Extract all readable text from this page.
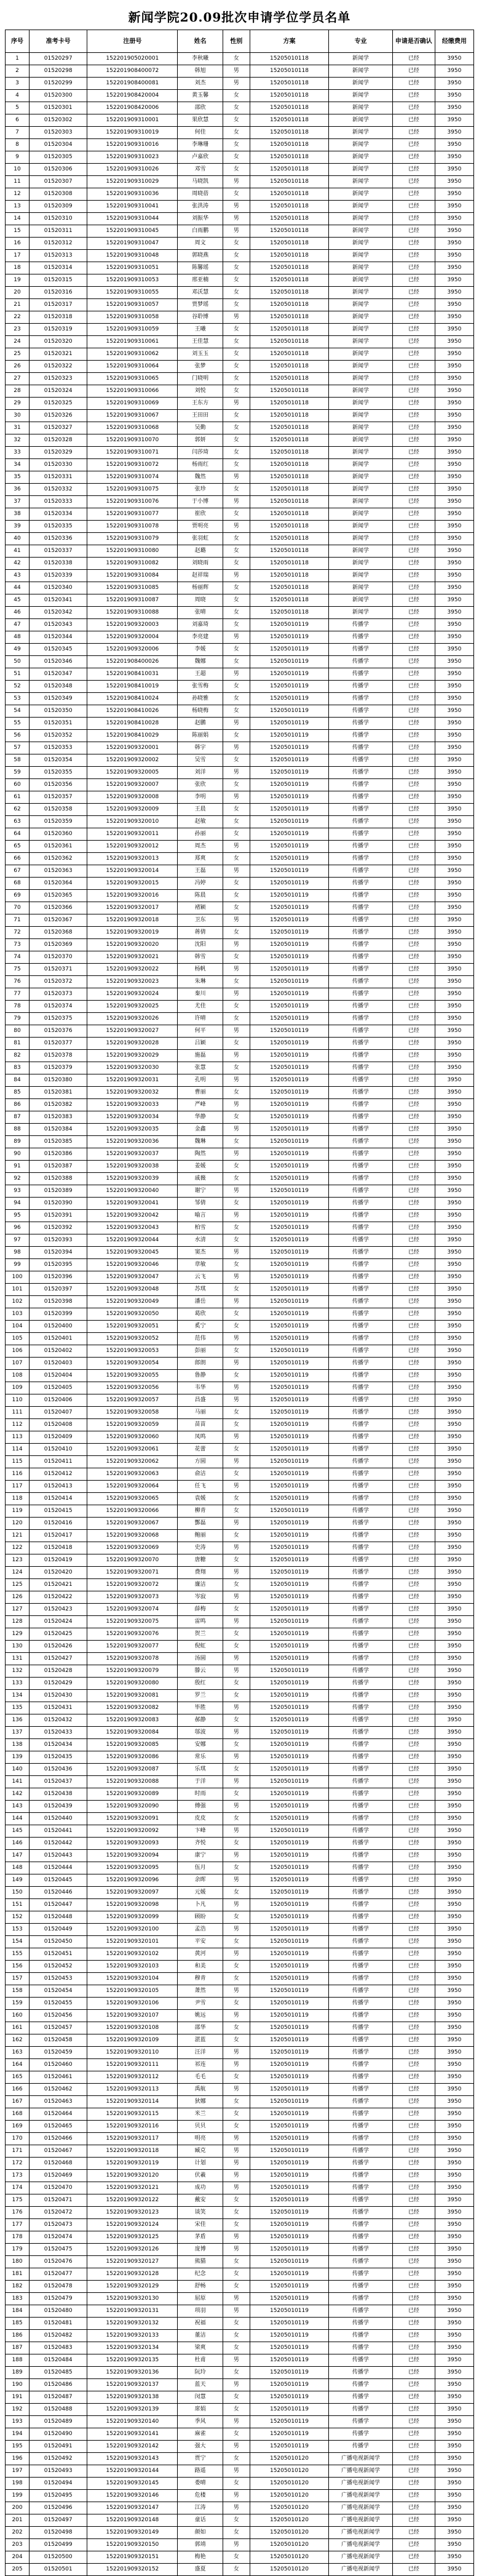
新闻学院20.09批次申请学位学员名单
序号	准考卡号	注册号	姓名	性别	方案	专业	申请是否确认	经缴费用
1	01520297	152201905020001	李秋曦	女	15205010118	新闻学	已经	3950
2	01520298	152201908400072	韩旭	男	15205010118	新闻学	已经	3950
3	01520299	152201908400081	刘杰	男	15205010118	新闻学	已经	3950
4	01520300	152201908420004	黄玉馨	女	15205010118	新闻学	已经	3950
5	01520301	152201908420006	邵欣	女	15205010118	新闻学	已经	3950
6	01520302	152201909310001	果欣慧	女	15205010118	新闻学	已经	3950
7	01520303	152201909310019	何佳	女	15205010118	新闻学	已经	3950
8	01520304	152201909310016	李琳珊	女	15205010118	新闻学	已经	3950
9	01520305	152201909310023	卢嘉欣	女	15205010118	新闻学	已经	3950
10	01520306	152201909310026	邓雪	女	15205010118	新闻学	已经	3950
11	01520307	152201909310029	马晓凯	男	15205010118	新闻学	已经	3950
12	01520308	152201909310036	周晓蓓	女	15205010118	新闻学	已经	3950
13	01520309	152201909310041	张洪涛	男	15205010118	新闻学	已经	3950
14	01520310	152201909310044	刘振华	男	15205010118	新闻学	已经	3950
15	01520311	152201909310045	白雨鹏	男	15205010118	新闻学	已经	3950
16	01520312	152201909310047	周文	女	15205010118	新闻学	已经	3950
17	01520313	152201909310048	郭晓燕	女	15205010118	新闻学	已经	3950
18	01520314	152201909310051	陈馨瑶	女	15205010118	新闻学	已经	3950
19	01520315	152201909310053	邢亚楠	女	15205010118	新闻学	已经	3950
20	01520316	152201909310055	邓沃慧	女	15205010118	新闻学	已经	3950
21	01520317	152201909310057	贾梦瑶	女	15205010118	新闻学	已经	3950
22	01520318	152201909310058	谷聆博	男	15205010118	新闻学	已经	3950
23	01520319	152201909310059	王曦	女	15205010118	新闻学	已经	3950
24	01520320	152201909310061	王佳慧	女	15205010118	新闻学	已经	3950
25	01520321	152201909310062	刘玉玉	女	15205010118	新闻学	已经	3950
26	01520322	152201909310064	张梦	女	15205010118	新闻学	已经	3950
27	01520323	152201909310065	门晓明	女	15205010118	新闻学	已经	3950
28	01520324	152201909310066	刘悦	女	15205010118	新闻学	已经	3950
29	01520325	152201909310069	王东方	男	15205010118	新闻学	已经	3950
30	01520326	152201909310067	王田田	女	15205010118	新闻学	已经	3950
31	01520327	152201909310068	吴勤	女	15205010118	新闻学	已经	3950
32	01520328	152201909310070	郭妍	女	15205010118	新闻学	已经	3950
33	01520329	152201909310071	闫莎琦	女	15205010118	新闻学	已经	3950
34	01520330	152201909310072	杨雨红	女	15205010118	新闻学	已经	3950
35	01520331	152201909310074	魏然	男	15205010118	新闻学	已经	3950
36	01520332	152201909310075	张珍	女	15205010118	新闻学	已经	3950
37	01520333	152201909310076	于小博	男	15205010118	新闻学	已经	3950
38	01520334	152201909310077	崔欣	女	15205010118	新闻学	已经	3950
39	01520335	152201909310078	贾明亮	男	15205010118	新闻学	已经	3950
40	01520336	152201909310079	张羽虹	女	15205010118	新闻学	已经	3950
41	01520337	152201909310080	赵璐	女	15205010118	新闻学	已经	3950
42	01520338	152201909310082	刘晓雨	女	15205010118	新闻学	已经	3950
43	01520339	152201909310084	赵祥瑞	男	15205010118	新闻学	已经	3950
44	01520340	152201909310085	杨丽辉	女	15205010118	新闻学	已经	3950
45	01520341	152201909310087	周晓	女	15205010118	新闻学	已经	3950
46	01520342	152201909310088	张晴	女	15205010118	新闻学	已经	3950
47	01520343	152201909320003	刘嘉琦	女	15205010119	传播学	已经	3950
48	01520344	152201909320004	李亮建	男	15205010119	传播学	已经	3950
49	01520345	152201909320006	李媛	女	15205010119	传播学	已经	3950
50	01520346	152201908400026	魏娜	女	15205010119	传播学	已经	3950
51	01520347	152201908410031	王超	男	15205010119	传播学	已经	3950
52	01520348	152201908410019	张雪梅	女	15205010119	传播学	已经	3950
53	01520349	152201908410024	孙晓雅	女	15205010119	传播学	已经	3950
54	01520350	152201908410026	杨晓梅	女	15205010119	传播学	已经	3950
55	01520351	152201908410028	赵鹏	男	15205010119	传播学	已经	3950
56	01520352	152201908410029	陈丽娟	女	15205010119	传播学	已经	3950
57	01520353	152201909320001	韩宇	男	15205010119	传播学	已经	3950
58	01520354	152201909320002	吴雪	女	15205010119	传播学	已经	3950
59	01520355	152201909320005	刘洋	男	15205010119	传播学	已经	3950
60	01520356	152201909320007	张欣	女	15205010119	传播学	已经	3950
61	01520357	152201909320008	李明	男	15205010119	传播学	已经	3950
62	01520358	152201909320009	王晨	女	15205010119	传播学	已经	3950
63	01520359	152201909320010	赵敏	女	15205010119	传播学	已经	3950
64	01520360	152201909320011	孙丽	女	15205010119	传播学	已经	3950
65	01520361	152201909320012	周杰	男	15205010119	传播学	已经	3950
66	01520362	152201909320013	郑爽	女	15205010119	传播学	已经	3950
67	01520363	152201909320014	王磊	男	15205010119	传播学	已经	3950
68	01520364	152201909320015	冯婷	女	15205010119	传播学	已经	3950
69	01520365	152201909320016	陈晨	女	15205010119	传播学	已经	3950
70	01520366	152201909320017	褚颖	女	15205010119	传播学	已经	3950
71	01520367	152201909320018	卫东	男	15205010119	传播学	已经	3950
72	01520368	152201909320019	蒋倩	女	15205010119	传播学	已经	3950
73	01520369	152201909320020	沈阳	男	15205010119	传播学	已经	3950
74	01520370	152201909320021	韩雪	女	15205010119	传播学	已经	3950
75	01520371	152201909320022	杨帆	男	15205010119	传播学	已经	3950
76	01520372	152201909320023	朱琳	女	15205010119	传播学	已经	3950
77	01520373	152201909320024	秦川	男	15205010119	传播学	已经	3950
78	01520374	152201909320025	尤佳	女	15205010119	传播学	已经	3950
79	01520375	152201909320026	许晴	女	15205010119	传播学	已经	3950
80	01520376	152201909320027	何平	男	15205010119	传播学	已经	3950
81	01520377	152201909320028	吕颖	女	15205010119	传播学	已经	3950
82	01520378	152201909320029	施磊	男	15205010119	传播学	已经	3950
83	01520379	152201909320030	张慧	女	15205010119	传播学	已经	3950
84	01520380	152201909320031	孔明	男	15205010119	传播学	已经	3950
85	01520381	152201909320032	曹丽	女	15205010119	传播学	已经	3950
86	01520382	152201909320033	严峰	男	15205010119	传播学	已经	3950
87	01520383	152201909320034	华静	女	15205010119	传播学	已经	3950
88	01520384	152201909320035	金鑫	男	15205010119	传播学	已经	3950
89	01520385	152201909320036	魏琳	女	15205010119	传播学	已经	3950
90	01520386	152201909320037	陶然	男	15205010119	传播学	已经	3950
91	01520387	152201909320038	姜媛	女	15205010119	传播学	已经	3950
92	01520388	152201909320039	戚薇	女	15205010119	传播学	已经	3950
93	01520389	152201909320040	谢宁	男	15205010119	传播学	已经	3950
94	01520390	152201909320041	邹倩	女	15205010119	传播学	已经	3950
95	01520391	152201909320042	喻言	男	15205010119	传播学	已经	3950
96	01520392	152201909320043	柏雪	女	15205010119	传播学	已经	3950
97	01520393	152201909320044	水清	女	15205010119	传播学	已经	3950
98	01520394	152201909320045	窦杰	男	15205010119	传播学	已经	3950
99	01520395	152201909320046	章敏	女	15205010119	传播学	已经	3950
100	01520396	152201909320047	云飞	男	15205010119	传播学	已经	3950
101	01520397	152201909320048	苏琪	女	15205010119	传播学	已经	3950
102	01520398	152201909320049	潘岳	男	15205010119	传播学	已经	3950
103	01520399	152201909320050	葛欣	女	15205010119	传播学	已经	3950
104	01520400	152201909320051	奚宁	女	15205010119	传播学	已经	3950
105	01520401	152201909320052	范伟	男	15205010119	传播学	已经	3950
106	01520402	152201909320053	彭丽	女	15205010119	传播学	已经	3950
107	01520403	152201909320054	郎朗	男	15205010119	传播学	已经	3950
108	01520404	152201909320055	鲁静	女	15205010119	传播学	已经	3950
109	01520405	152201909320056	韦华	男	15205010119	传播学	已经	3950
110	01520406	152201909320057	昌盛	男	15205010119	传播学	已经	3950
111	01520407	152201909320058	马丽	女	15205010119	传播学	已经	3950
112	01520408	152201909320059	苗苗	女	15205010119	传播学	已经	3950
113	01520409	152201909320060	凤鸣	男	15205010119	传播学	已经	3950
114	01520410	152201909320061	花蕾	女	15205010119	传播学	已经	3950
115	01520411	152201909320062	方圆	男	15205010119	传播学	已经	3950
116	01520412	152201909320063	俞洁	女	15205010119	传播学	已经	3950
117	01520413	152201909320064	任飞	男	15205010119	传播学	已经	3950
118	01520414	152201909320065	袁媛	女	15205010119	传播学	已经	3950
119	01520415	152201909320066	柳青	女	15205010119	传播学	已经	3950
120	01520416	152201909320067	酆磊	男	15205010119	传播学	已经	3950
121	01520417	152201909320068	鲍丽	女	15205010119	传播学	已经	3950
122	01520418	152201909320069	史涛	男	15205010119	传播学	已经	3950
123	01520419	152201909320070	唐糖	女	15205010119	传播学	已经	3950
124	01520420	152201909320071	费翔	男	15205010119	传播学	已经	3950
125	01520421	152201909320072	廉洁	女	15205010119	传播学	已经	3950
126	01520422	152201909320073	岑寂	男	15205010119	传播学	已经	3950
127	01520423	152201909320074	薛梅	女	15205010119	传播学	已经	3950
128	01520424	152201909320075	雷鸣	男	15205010119	传播学	已经	3950
129	01520425	152201909320076	贺兰	女	15205010119	传播学	已经	3950
130	01520426	152201909320077	倪虹	女	15205010119	传播学	已经	3950
131	01520427	152201909320078	汤圆	男	15205010119	传播学	已经	3950
132	01520428	152201909320079	滕云	男	15205010119	传播学	已经	3950
133	01520429	152201909320080	殷红	女	15205010119	传播学	已经	3950
134	01520430	152201909320081	罗兰	女	15205010119	传播学	已经	3950
135	01520431	152201909320082	毕胜	男	15205010119	传播学	已经	3950
136	01520432	152201909320083	郝静	女	15205010119	传播学	已经	3950
137	01520433	152201909320084	邬波	男	15205010119	传播学	已经	3950
138	01520434	152201909320085	安娜	女	15205010119	传播学	已经	3950
139	01520435	152201909320086	常乐	男	15205010119	传播学	已经	3950
140	01520436	152201909320087	乐琪	女	15205010119	传播学	已经	3950
141	01520437	152201909320088	于洋	男	15205010119	传播学	已经	3950
142	01520438	152201909320089	时雨	女	15205010119	传播学	已经	3950
143	01520439	152201909320090	傅强	男	15205010119	传播学	已经	3950
144	01520440	152201909320091	皮皮	女	15205010119	传播学	已经	3950
145	01520441	152201909320092	卞峰	男	15205010119	传播学	已经	3950
146	01520442	152201909320093	齐悦	女	15205010119	传播学	已经	3950
147	01520443	152201909320094	康宁	男	15205010119	传播学	已经	3950
148	01520444	152201909320095	伍月	女	15205010119	传播学	已经	3950
149	01520445	152201909320096	余晖	男	15205010119	传播学	已经	3950
150	01520446	152201909320097	元媛	女	15205010119	传播学	已经	3950
151	01520447	152201909320098	卜凡	男	15205010119	传播学	已经	3950
152	01520448	152201909320099	顾盼	女	15205010119	传播学	已经	3950
153	01520449	152201909320100	孟浩	男	15205010119	传播学	已经	3950
154	01520450	152201909320101	平安	女	15205010119	传播学	已经	3950
155	01520451	152201909320102	黄河	男	15205010119	传播学	已经	3950
156	01520452	152201909320103	和美	女	15205010119	传播学	已经	3950
157	01520453	152201909320104	穆青	女	15205010119	传播学	已经	3950
158	01520454	152201909320105	萧然	男	15205010119	传播学	已经	3950
159	01520455	152201909320106	尹雪	女	15205010119	传播学	已经	3950
160	01520456	152201909320107	姚远	男	15205010119	传播学	已经	3950
161	01520457	152201909320108	邵华	女	15205010119	传播学	已经	3950
162	01520458	152201909320109	湛蓝	女	15205010119	传播学	已经	3950
163	01520459	152201909320110	汪洋	男	15205010119	传播学	已经	3950
164	01520460	152201909320111	祁连	男	15205010119	传播学	已经	3950
165	01520461	152201909320112	毛毛	女	15205010119	传播学	已经	3950
166	01520462	152201909320113	禹航	男	15205010119	传播学	已经	3950
167	01520463	152201909320114	狄娜	女	15205010119	传播学	已经	3950
168	01520464	152201909320115	米兰	女	15205010119	传播学	已经	3950
169	01520465	152201909320116	贝贝	女	15205010119	传播学	已经	3950
170	01520466	152201909320117	明亮	男	15205010119	传播学	已经	3950
171	01520467	152201909320118	臧克	男	15205010119	传播学	已经	3950
172	01520468	152201909320119	计划	男	15205010119	传播学	已经	3950
173	01520469	152201909320120	伏羲	男	15205010119	传播学	已经	3950
174	01520470	152201909320121	成功	男	15205010119	传播学	已经	3950
175	01520471	152201909320122	戴安	女	15205010119	传播学	已经	3950
176	01520472	152201909320123	谈笑	女	15205010119	传播学	已经	3950
177	01520473	152201909320124	宋佳	女	15205010119	传播学	已经	3950
178	01520474	152201909320125	茅盾	男	15205010119	传播学	已经	3950
179	01520475	152201909320126	庞博	男	15205010119	传播学	已经	3950
180	01520476	152201909320127	熊猫	女	15205010119	传播学	已经	3950
181	01520477	152201909320128	纪念	女	15205010119	传播学	已经	3950
182	01520478	152201909320129	舒畅	女	15205010119	传播学	已经	3950
183	01520479	152201909320130	屈原	男	15205010119	传播学	已经	3950
184	01520480	152201909320131	项羽	男	15205010119	传播学	已经	3950
185	01520481	152201909320132	祝福	女	15205010119	传播学	已经	3950
186	01520482	152201909320133	董洁	女	15205010119	传播学	已经	3950
187	01520483	152201909320134	梁爽	女	15205010119	传播学	已经	3950
188	01520484	152201909320135	杜甫	男	15205010119	传播学	已经	3950
189	01520485	152201909320136	阮玲	女	15205010119	传播学	已经	3950
190	01520486	152201909320137	蓝天	男	15205010119	传播学	已经	3950
191	01520487	152201909320138	闵慧	女	15205010119	传播学	已经	3950
192	01520488	152201909320139	席娟	女	15205010119	传播学	已经	3950
193	01520489	152201909320140	季风	男	15205010119	传播学	已经	3950
194	01520490	152201909320141	麻雀	女	15205010119	传播学	已经	3950
195	01520491	152201909320142	强大	男	15205010119	传播学	已经	3950
196	01520492	152201909320143	贾宁	女	15205010120	广播电视新闻学	已经	3950
197	01520493	152201909320144	路遥	男	15205010120	广播电视新闻学	已经	3950
198	01520494	152201909320145	娄晴	女	15205010120	广播电视新闻学	已经	3950
199	01520495	152201909320146	危楼	男	15205010120	广播电视新闻学	已经	3950
200	01520496	152201909320147	江涛	男	15205010120	广播电视新闻学	已经	3950
201	01520497	152201909320148	童话	女	15205010120	广播电视新闻学	已经	3950
202	01520498	152201909320149	颜如	女	15205010120	广播电视新闻学	已经	3950
203	01520499	152201909320150	郭靖	男	15205010120	广播电视新闻学	已经	3950
204	01520500	152201909320151	梅艳	女	15205010120	广播电视新闻学	已经	3950
205	01520501	152201909320152	盛夏	女	15205010120	广播电视新闻学	已经	3950
